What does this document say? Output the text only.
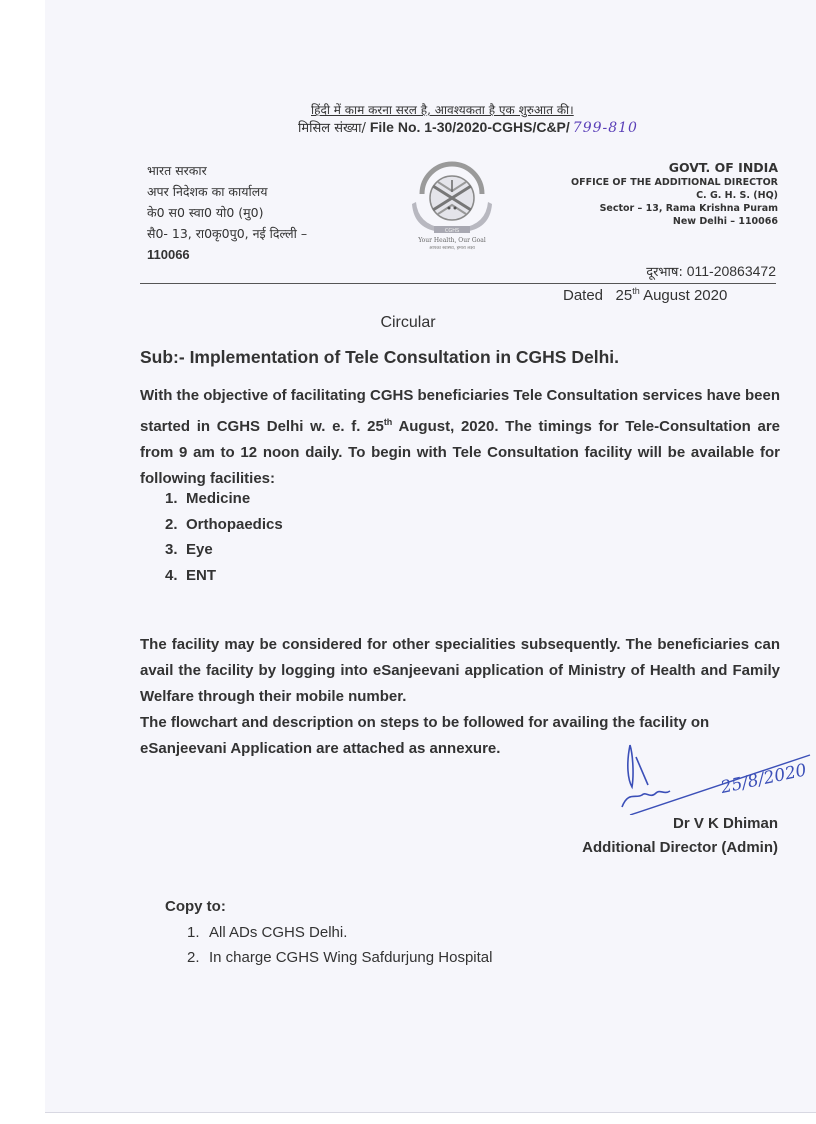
हिंदी में काम करना सरल है, आवश्यकता है एक शुरुआत की।
मिसिल संख्या/ File No. 1-30/2020-CGHS/C&P/ 799-810
भारत सरकार
अपर निदेशक का कार्यालय
के0 स0 स्वा0 यो0 (मु0)
सै0- 13, रा0कृ0पु0, नई दिल्ली –
110066
CGHS
Your Health, Our Goal
आपका स्वास्थ्य, हमारा लक्ष्य
GOVT. OF INDIA
OFFICE OF THE ADDITIONAL DIRECTOR
C. G. H. S. (HQ)
Sector – 13, Rama Krishna Puram
New Delhi – 110066
दूरभाष: 011-20863472
Dated 25th August 2020
Circular
Sub:- Implementation of Tele Consultation in CGHS Delhi.
With the objective of facilitating CGHS beneficiaries Tele Consultation services have been started in CGHS Delhi w. e. f. 25th August, 2020. The timings for Tele-Consultation are from 9 am to 12 noon daily. To begin with Tele Consultation facility will be available for following facilities:
1. Medicine
2. Orthopaedics
3. Eye
4. ENT
The facility may be considered for other specialities subsequently. The beneficiaries can avail the facility by logging into eSanjeevani application of Ministry of Health and Family Welfare through their mobile number.
The flowchart and description on steps to be followed for availing the facility on eSanjeevani Application are attached as annexure.
25/8/2020
Dr V K Dhiman
Additional Director (Admin)
Copy to:
1. All ADs CGHS Delhi.
2. In charge CGHS Wing Safdurjung Hospital
